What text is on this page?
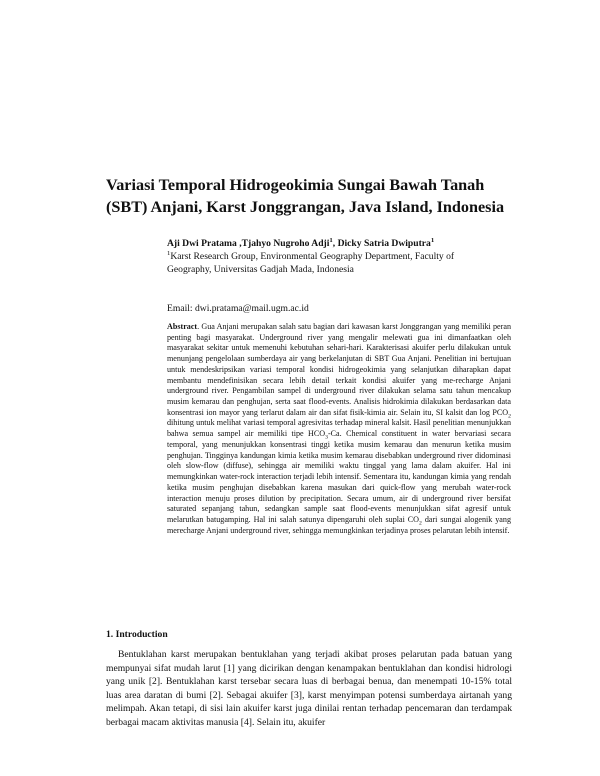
Variasi Temporal Hidrogeokimia Sungai Bawah Tanah (SBT) Anjani, Karst Jonggrangan, Java Island, Indonesia

Aji Dwi Pratama ,Tjahyo Nugroho Adji$^1$, Dicky Satria Dwiputra$^1$

$^1$Karst Research Group, Environmental Geography Department, Faculty of Geography, Universitas Gadjah Mada, Indonesia

Email: dwi.pratama@mail.ugm.ac.id

Abstract. Gua Anjani merupakan salah satu bagian dari kawasan karst Jonggrangan yang memiliki peran penting bagi masyarakat. Underground river yang mengalir melewati gua ini dimanfaatkan oleh masyarakat sekitar untuk memenuhi kebutuhan sehari-hari. Karakterisasi akuifer perlu dilakukan untuk menunjang pengelolaan sumberdaya air yang berkelanjutan di SBT Gua Anjani. Penelitian ini bertujuan untuk mendeskripsikan variasi temporal kondisi hidrogeokimia yang selanjutkan diharapkan dapat membantu mendefinisikan secara lebih detail terkait kondisi akuifer yang me-recharge Anjani underground river. Pengambilan sampel di underground river dilakukan selama satu tahun mencakup musim kemarau dan penghujan, serta saat flood-events. Analisis hidrokimia dilakukan berdasarkan data konsentrasi ion mayor yang terlarut dalam air dan sifat fisik-kimia air. Selain itu, SI kalsit dan $\log PCO_2$ dihitung untuk melihat variasi temporal agresivitas terhadap mineral kalsit. Hasil penelitian menunjukkan bahwa semua sampel air memiliki tipe $HCO_3-Ca$. Chemical constituent in water bervariasi secara temporal, yang menunjukkan konsentrasi tinggi ketika musim kemarau dan menurun ketika musim penghujan. Tingginya kandungan kimia ketika musim kemarau disebabkan underground river didominasi oleh slow-flow (diffuse), sehingga air memiliki waktu tinggal yang lama dalam akuifer. Hal ini memungkinkan water-rock interaction terjadi lebih intensif. Sementara itu, kandungan kimia yang rendah ketika musim penghujan disebabkan karena masukan dari quick-flow yang merubah water-rock interaction menuju proses dilution by precipitation. Secara umum, air di underground river bersifat saturated sepanjang tahun, sedangkan sample saat flood-events menunjukkan sifat agresif untuk melarutkan batugamping. Hal ini salah satunya dipengaruhi oleh suplai $CO_2$ dari sungai alogenik yang merecharge Anjani underground river, sehingga memungkinkan terjadinya proses pelarutan lebih intensif.

1. Introduction

Bentuklahan karst merupakan bentuklahan yang terjadi akibat proses pelarutan pada batuan yang mempunyai sifat mudah larut [1] yang dicirikan dengan kenampakan bentuklahan dan kondisi hidrologi yang unik [2]. Bentuklahan karst tersebar secara luas di berbagai benua, dan menempati 10-15% total luas area daratan di bumi [2]. Sebagai akuifer [3], karst menyimpan potensi sumberdaya airtanah yang melimpah. Akan tetapi, di sisi lain akuifer karst juga dinilai rentan terhadap pencemaran dan terdampak berbagai macam aktivitas manusia [4]. Selain itu, akuifer
